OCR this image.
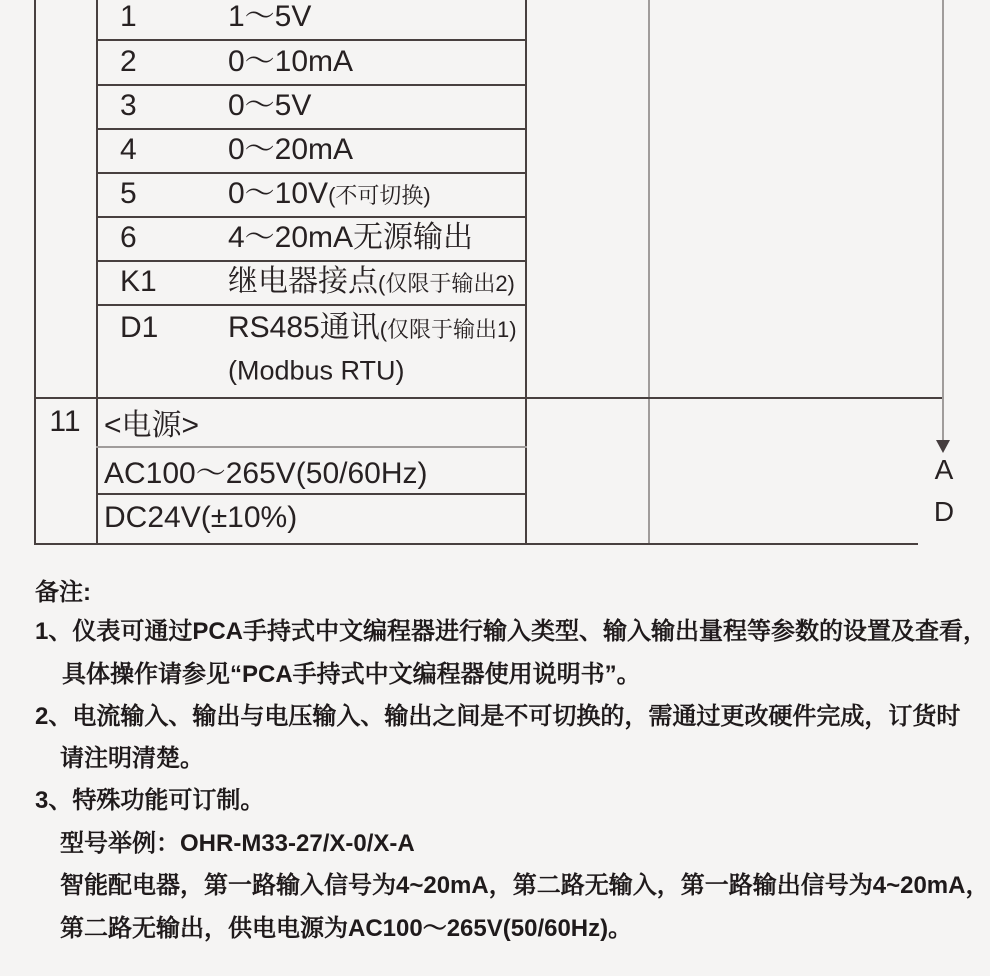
1	1～5V
2	0～10mA
3	0～5V
4	0～20mA
5	0～10V(不可切换)
6	4～20mA无源输出
K1 继电器接点(仅限于输出2)
D1 RS485通讯(仅限于输出1)
(Modbus RTU)
11 <电源>
AC100～265V(50/60Hz)
DC24V(±10%)
A
D
备注:
1、仪表可通过PCA手持式中文编程器进行输入类型、输入输出量程等参数的设置及查看，
具体操作请参见“PCA手持式中文编程器使用说明书”。
2、电流输入、输出与电压输入、输出之间是不可切换的，需通过更改硬件完成，订货时
请注明清楚。
3、特殊功能可订制。
型号举例：OHR-M33-27/X-0/X-A
智能配电器，第一路输入信号为4~20mA，第二路无输入，第一路输出信号为4~20mA，
第二路无输出，供电电源为AC100～265V(50/60Hz)。
